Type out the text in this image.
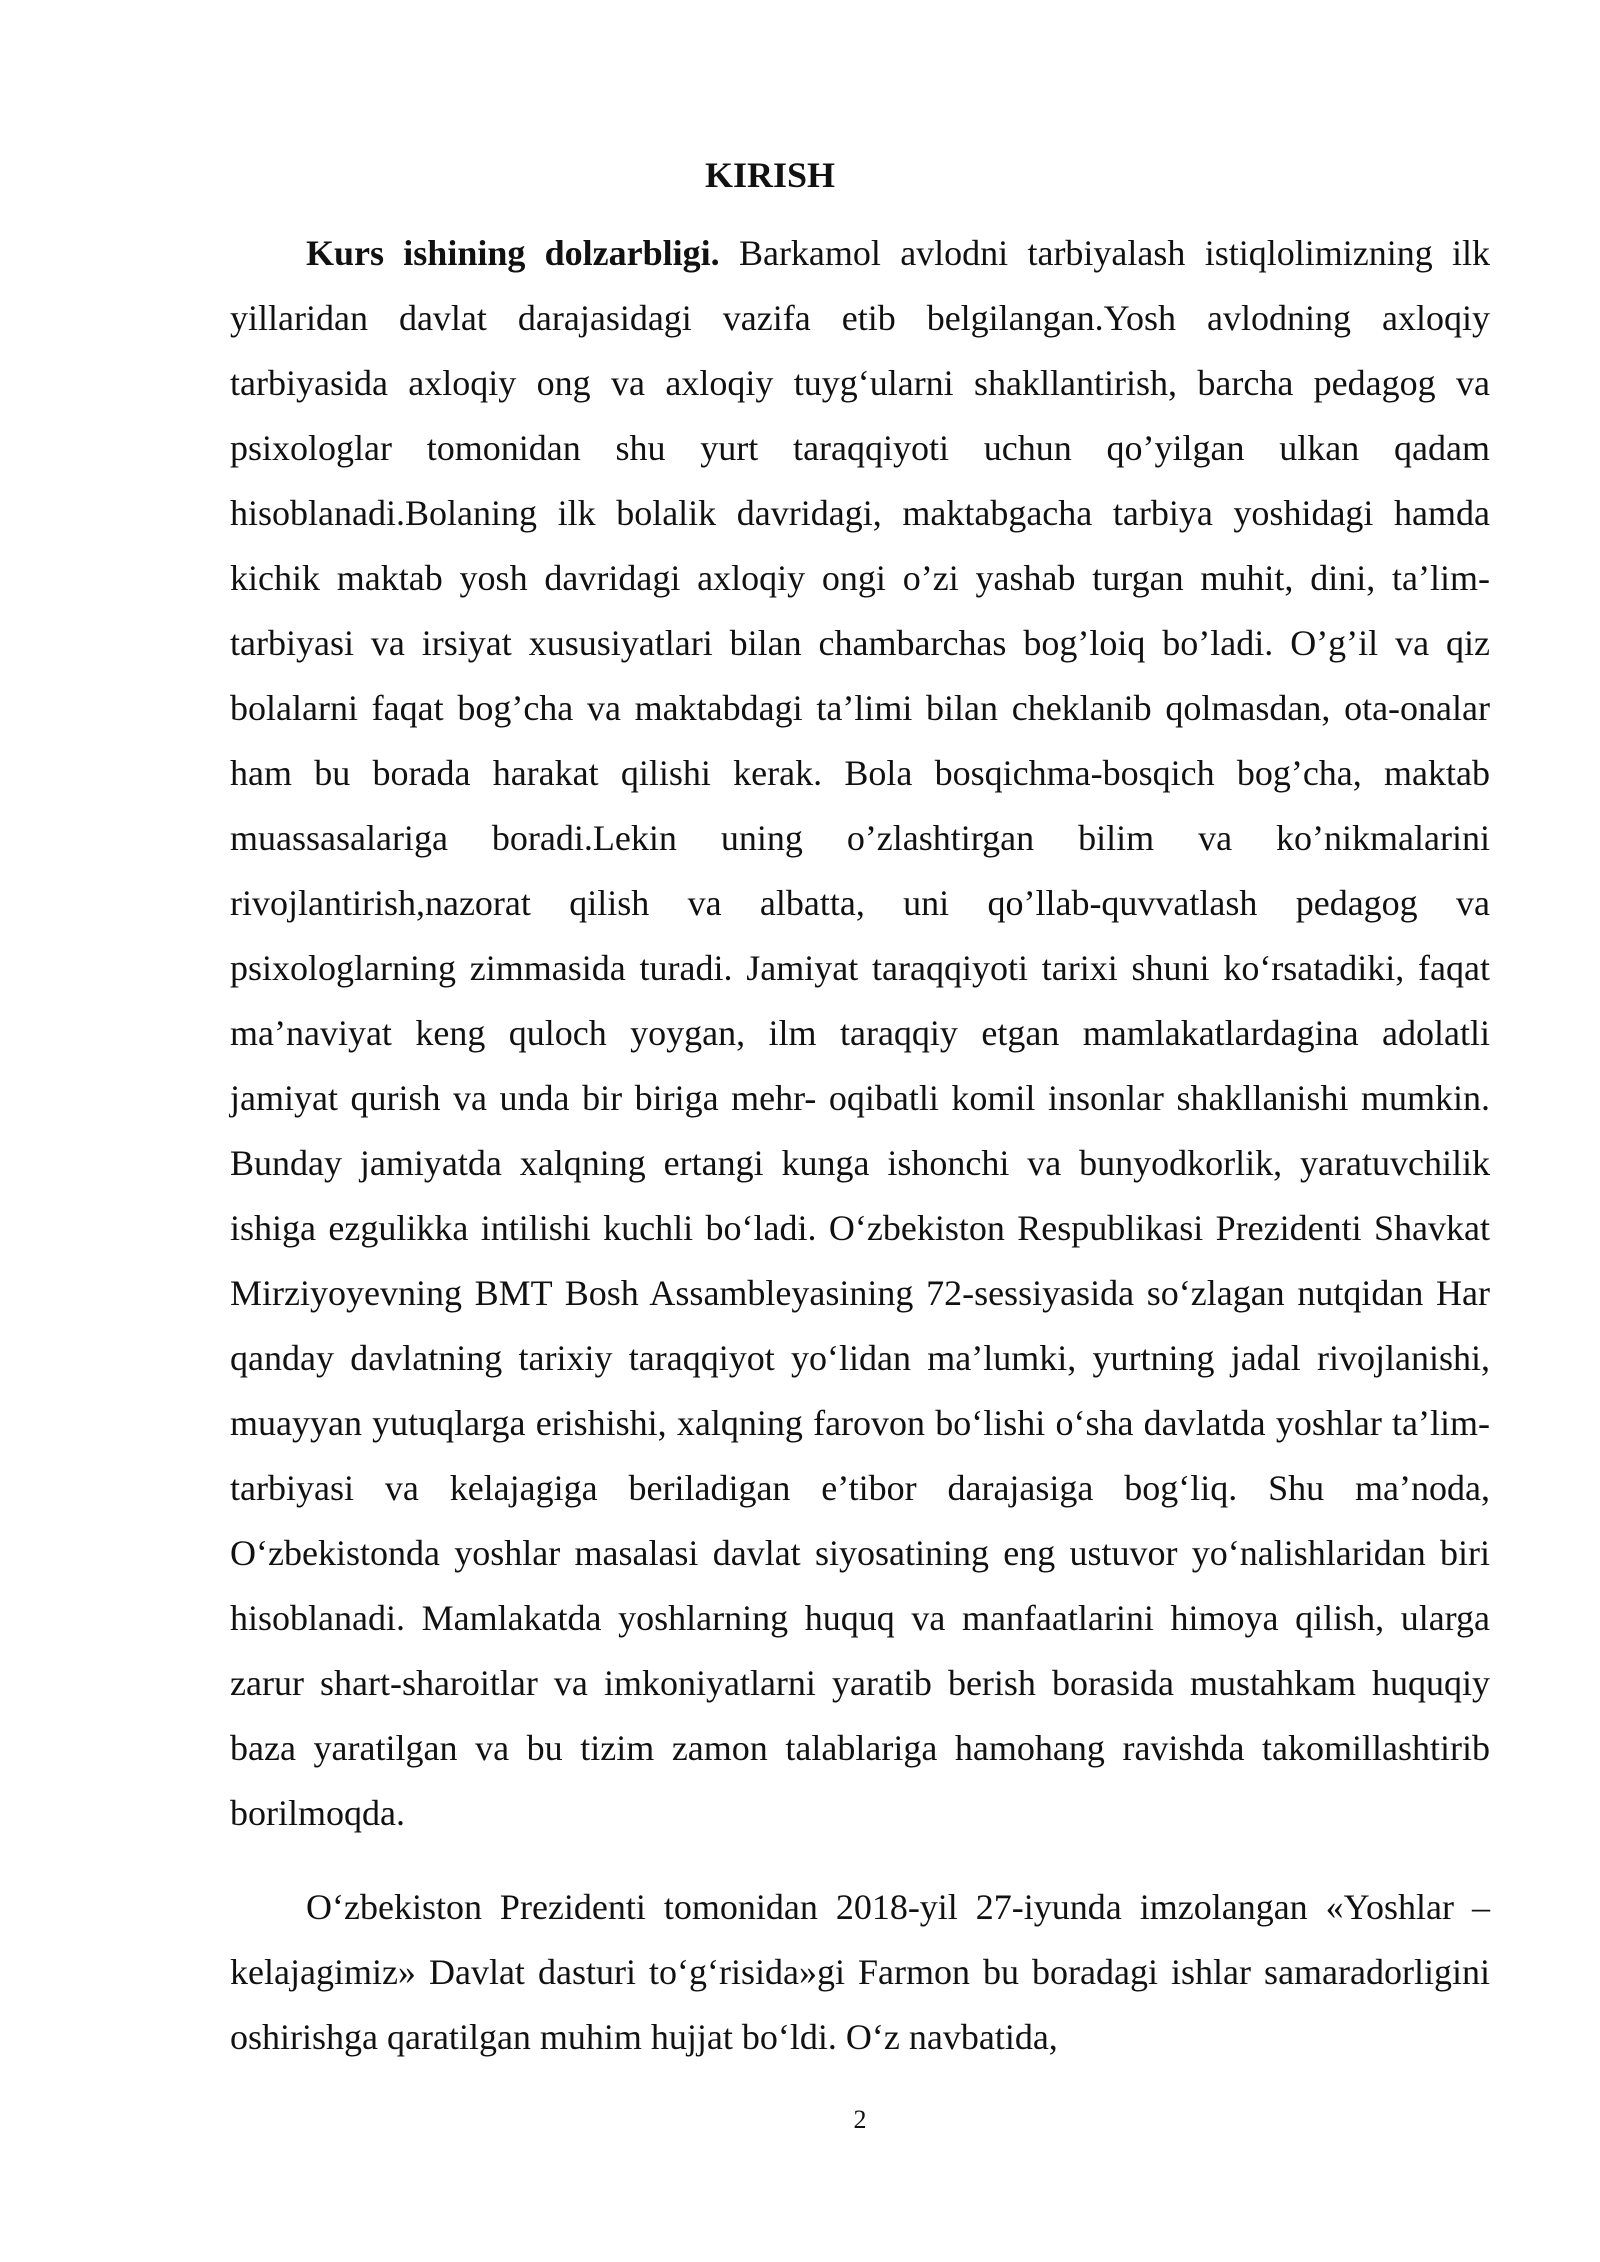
KIRISH

Kurs ishining dolzarbligi. Barkamol avlodni tarbiyalash istiqlolimizning ilk yillaridan davlat darajasidagi vazifa etib belgilangan.Yosh avlodning axloqiy tarbiyasida axloqiy ong va axloqiy tuyg‘ularni shakllantirish, barcha pedagog va psixologlar tomonidan shu yurt taraqqiyoti uchun qo’yilgan ulkan qadam hisoblanadi.Bolaning ilk bolalik davridagi, maktabgacha tarbiya yoshidagi hamda kichik maktab yosh davridagi axloqiy ongi o’zi yashab turgan muhit, dini, ta’lim-tarbiyasi va irsiyat xususiyatlari bilan chambarchas bog’loiq bo’ladi. O’g’il va qiz bolalarni faqat bog’cha va maktabdagi ta’limi bilan cheklanib qolmasdan, ota-onalar ham bu borada harakat qilishi kerak. Bola bosqichma-bosqich bog’cha, maktab muassasalariga boradi.Lekin uning o’zlashtirgan bilim va ko’nikmalarini rivojlantirish,nazorat qilish va albatta, uni qo’llab-quvvatlash pedagog va psixologlarning zimmasida turadi. Jamiyat taraqqiyoti tarixi shuni ko‘rsatadiki, faqat ma’naviyat keng quloch yoygan, ilm taraqqiy etgan mamlakatlardagina adolatli jamiyat qurish va unda bir biriga mehr- oqibatli komil insonlar shakllanishi mumkin. Bunday jamiyatda xalqning ertangi kunga ishonchi va bunyodkorlik, yaratuvchilik ishiga ezgulikka intilishi kuchli bo‘ladi. O‘zbekiston Respublikasi Prezidenti Shavkat Mirziyoyevning BMT Bosh Assambleyasining 72-sessiyasida so‘zlagan nutqidan Har qanday davlatning tarixiy taraqqiyot yo‘lidan ma’lumki, yurtning jadal rivojlanishi, muayyan yutuqlarga erishishi, xalqning farovon bo‘lishi o‘sha davlatda yoshlar ta’lim-tarbiyasi va kelajagiga beriladigan e’tibor darajasiga bog‘liq. Shu ma’noda, O‘zbekistonda yoshlar masalasi davlat siyosatining eng ustuvor yo‘nalishlaridan biri hisoblanadi. Mamlakatda yoshlarning huquq va manfaatlarini himoya qilish, ularga zarur shart-sharoitlar va imkoniyatlarni yaratib berish borasida mustahkam huquqiy baza yaratilgan va bu tizim zamon talablariga hamohang ravishda takomillashtirib borilmoqda.

O‘zbekiston Prezidenti tomonidan 2018-yil 27-iyunda imzolangan «Yoshlar – kelajagimiz» Davlat dasturi to‘g‘risida»gi Farmon bu boradagi ishlar samaradorligini oshirishga qaratilgan muhim hujjat bo‘ldi. O‘z navbatida,

2
